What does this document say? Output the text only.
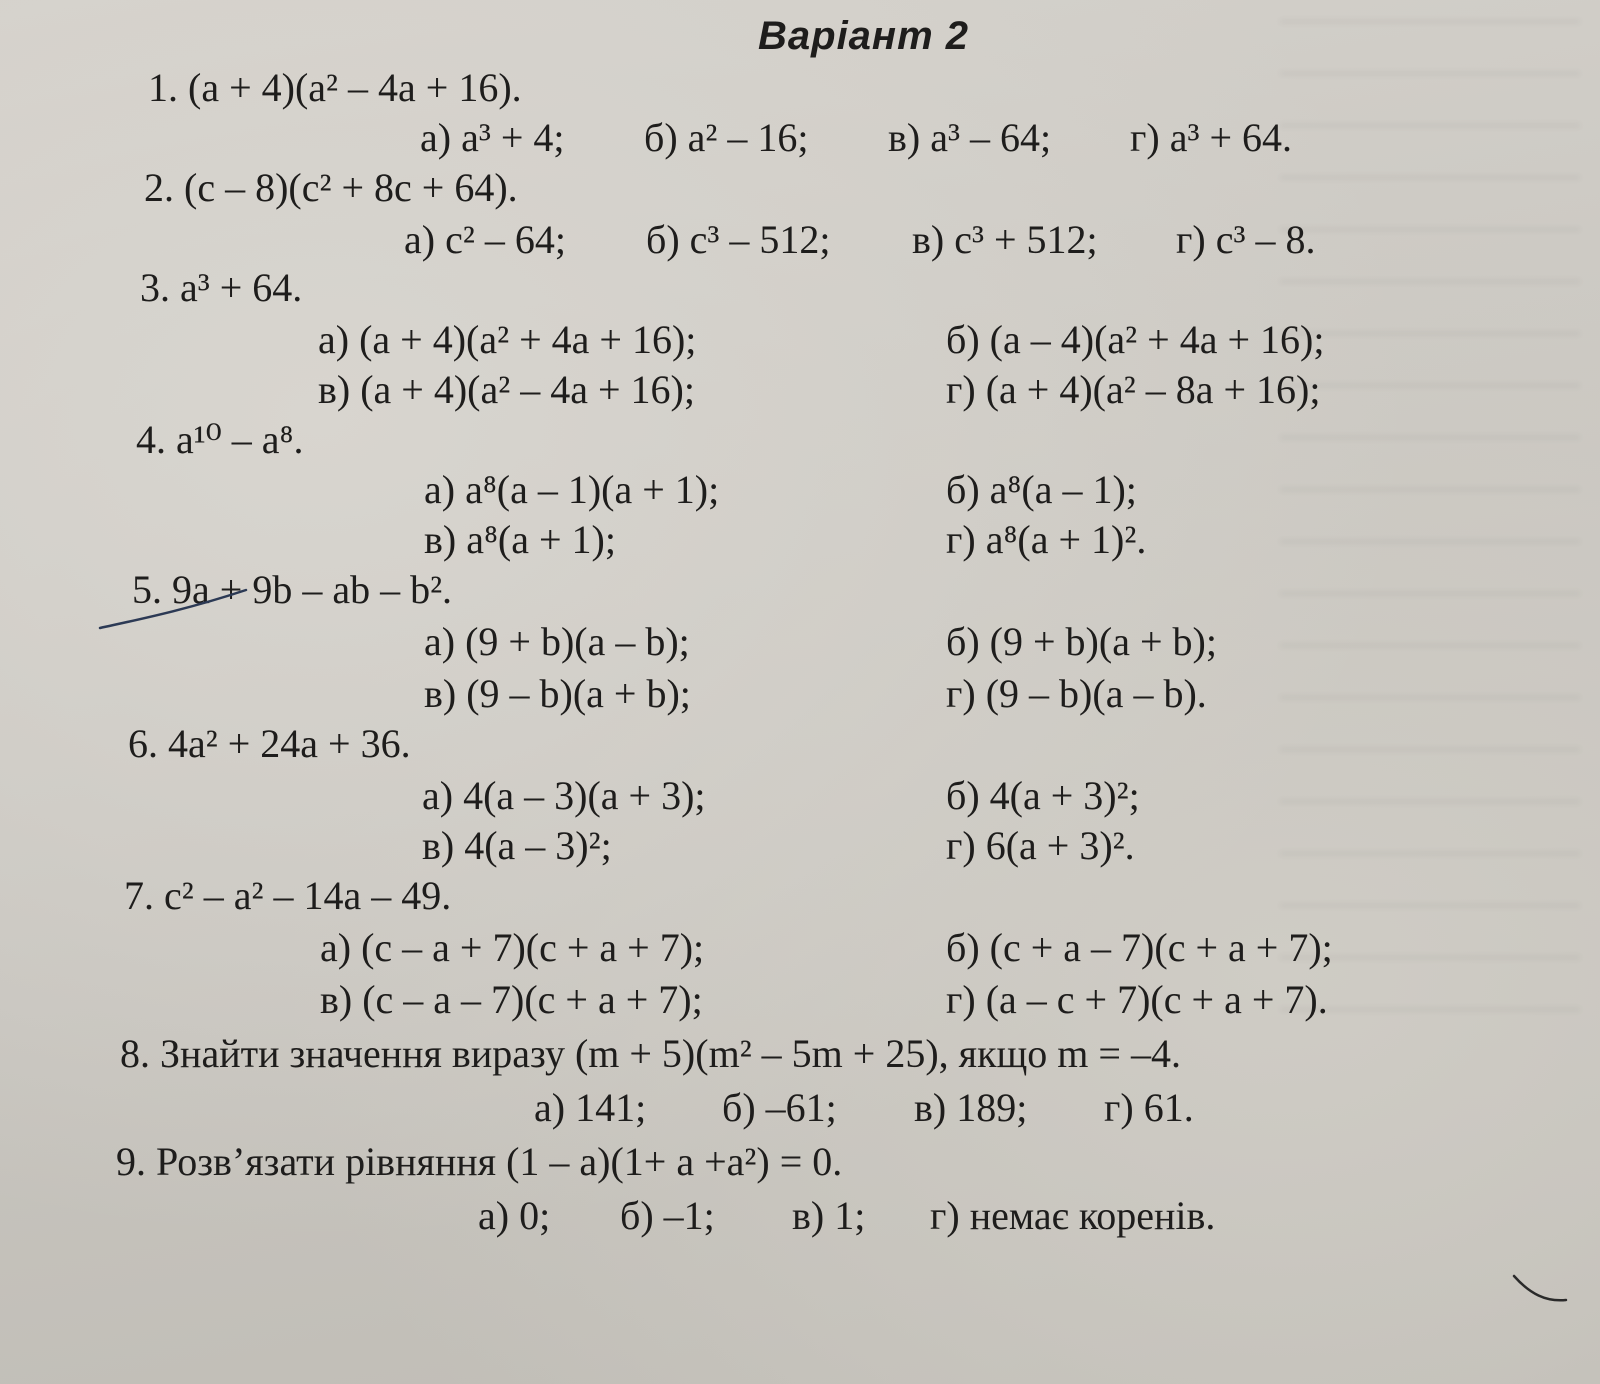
Варіант 2
1. (a + 4)(a² – 4a + 16).
а) a³ + 4; б) a² – 16; в) a³ – 64; г) a³ + 64.
2. (c – 8)(c² + 8c + 64).
а) c² – 64; б) c³ – 512; в) c³ + 512; г) c³ – 8.
3. a³ + 64.
а) (a + 4)(a² + 4a + 16);	б) (a – 4)(a² + 4a + 16);
в) (a + 4)(a² – 4a + 16);	г) (a + 4)(a² – 8a + 16);
4. a¹⁰ – a⁸.
а) a⁸(a – 1)(a + 1);	б) a⁸(a – 1);
в) a⁸(a + 1);	г) a⁸(a + 1)².
5. 9a + 9b – ab – b².
а) (9 + b)(a – b);	б) (9 + b)(a + b);
в) (9 – b)(a + b);	г) (9 – b)(a – b).
6. 4a² + 24a + 36.
а) 4(a – 3)(a + 3);	б) 4(a + 3)²;
в) 4(a – 3)²;	г) 6(a + 3)².
7. c² – a² – 14a – 49.
а) (c – a + 7)(c + a + 7);	б) (c + a – 7)(c + a + 7);
в) (c – a – 7)(c + a + 7);	г) (a – c + 7)(c + a + 7).
8. Знайти значення виразу (m + 5)(m² – 5m + 25), якщо m = –4.
а) 141; б) –61; в) 189; г) 61.
9. Розв’язати рівняння (1 – a)(1+ a +a²) = 0.
а) 0; б) –1; в) 1; г) немає коренів.
